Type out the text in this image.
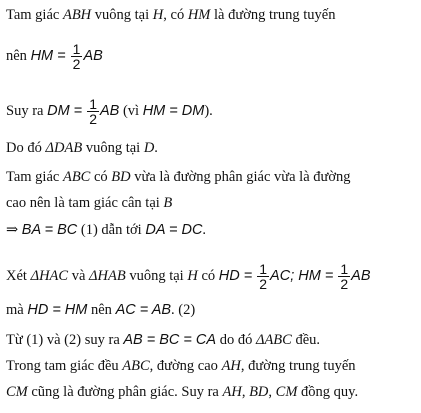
Tam giác ABH vuông tại H, có HM là đường trung tuyến
nên HM = $\frac{1}{2}$ AB
Suy ra DM = $\frac{1}{2}$ AB (vì HM = DM).
Do đó ΔDAB vuông tại D.
Tam giác ABC có BD vừa là đường phân giác vừa là đường
cao nên là tam giác cân tại B
⇒ BA = BC (1) dẫn tới DA = DC.
Xét ΔHAC và ΔHAB vuông tại H có HD = $\frac{1}{2}$ AC; HM = $\frac{1}{2}$ AB
mà HD = HM nên AC = AB. (2)
Từ (1) và (2) suy ra AB = BC = CA do đó ΔABC đều.
Trong tam giác đều ABC, đường cao AH, đường trung tuyến
CM cũng là đường phân giác. Suy ra AH, BD, CM đồng quy.
